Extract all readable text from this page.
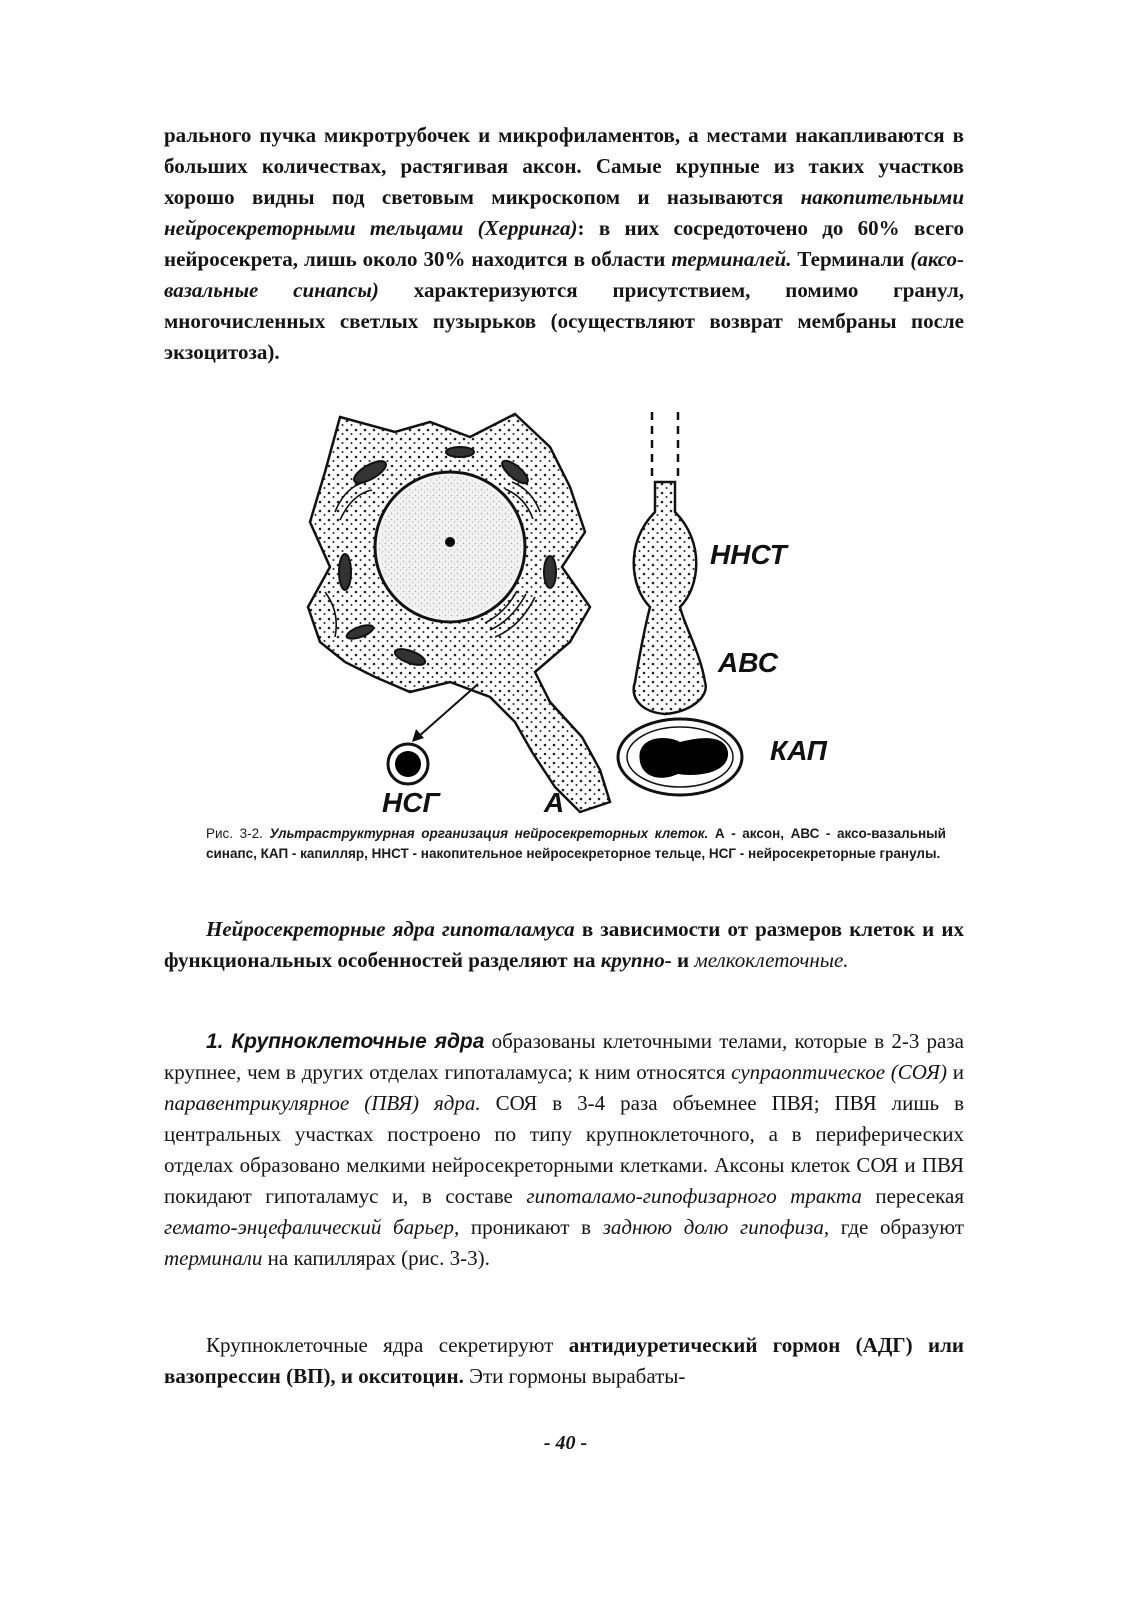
рального пучка микротрубочек и микрофиламентов, а местами накапливаются в больших количествах, растягивая аксон. Самые крупные из таких участков хорошо видны под световым микроскопом и называются накопительными нейросекреторными тельцами (Херринга): в них сосредоточено до 60% всего нейросекрета, лишь около 30% находится в области терминалей. Терминали (аксо-вазальные синапсы) характеризуются присутствием, помимо гранул, многочисленных светлых пузырьков (осуществляют возврат мембраны после экзоцитоза).
ННСТ
АВС
КАП
НСГ	А
Рис. 3-2. Ультраструктурная организация нейросекреторных клеток. А - аксон, АВС - аксо-вазальный синапс, КАП - капилляр, ННСТ - накопительное нейросекреторное тельце, НСГ - нейросекреторные гранулы.
Нейросекреторные ядра гипоталамуса в зависимости от размеров клеток и их функциональных особенностей разделяют на крупно- и мелкоклеточные.
1. Крупноклеточные ядра образованы клеточными телами, которые в 2-3 раза крупнее, чем в других отделах гипоталамуса; к ним относятся супраоптическое (СОЯ) и паравентрикулярное (ПВЯ) ядра. СОЯ в 3-4 раза объемнее ПВЯ; ПВЯ лишь в центральных участках построено по типу крупноклеточного, а в периферических отделах образовано мелкими нейросекреторными клетками. Аксоны клеток СОЯ и ПВЯ покидают гипоталамус и, в составе гипоталамо-гипофизарного тракта пересекая гемато-энцефалический барьер, проникают в заднюю долю гипофиза, где образуют терминали на капиллярах (рис. 3-3).
Крупноклеточные ядра секретируют антидиуретический гормон (АДГ) или вазопрессин (ВП), и окситоцин. Эти гормоны вырабаты-
- 40 -
